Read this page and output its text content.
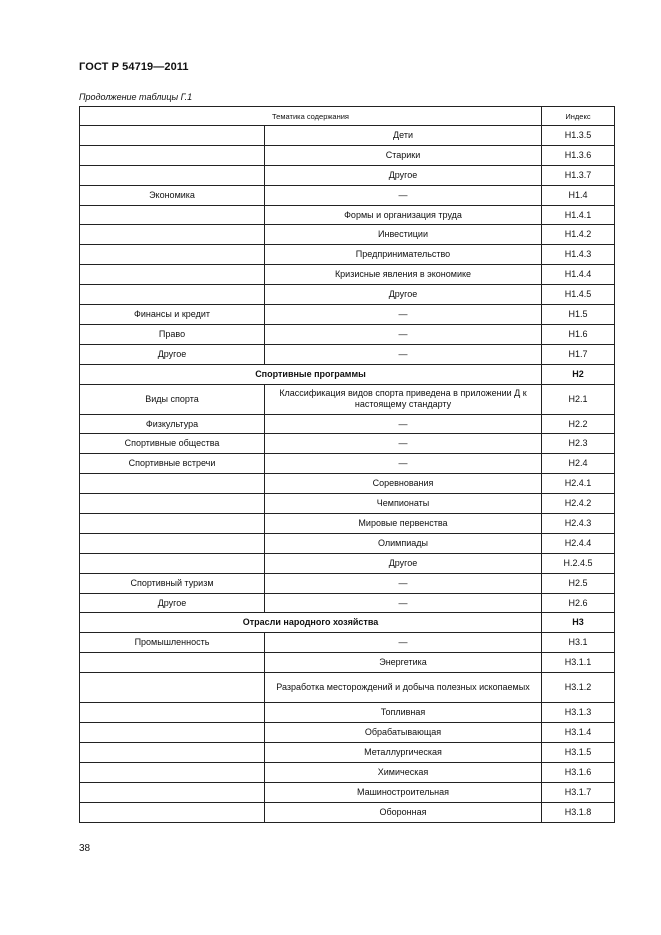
ГОСТ Р 54719—2011
Продолжение таблицы Г.1
Тематика содержания		Индекс
	Дети	Н1.3.5
	Старики	Н1.3.6
	Другое	Н1.3.7
Экономика	—	Н1.4
	Формы и организация труда	Н1.4.1
	Инвестиции	Н1.4.2
	Предпринимательство	Н1.4.3
	Кризисные явления в экономике	Н1.4.4
	Другое	Н1.4.5
Финансы и кредит	—	Н1.5
Право	—	Н1.6
Другое	—	Н1.7
Спортивные программы		Н2
Виды спорта	Классификация видов спорта приведена в приложении Д к настоящему стандарту	Н2.1
Физкультура	—	Н2.2
Спортивные общества	—	Н2.3
Спортивные встречи	—	Н2.4
	Соревнования	Н2.4.1
	Чемпионаты	Н2.4.2
	Мировые первенства	Н2.4.3
	Олимпиады	Н2.4.4
	Другое	Н.2.4.5
Спортивный туризм	—	Н2.5
Другое	—	Н2.6
Отрасли народного хозяйства		Н3
Промышленность	—	Н3.1
	Энергетика	Н3.1.1
	Разработка месторождений и добыча полезных ископаемых	Н3.1.2
	Топливная	Н3.1.3
	Обрабатывающая	Н3.1.4
	Металлургическая	Н3.1.5
	Химическая	Н3.1.6
	Машиностроительная	Н3.1.7
	Оборонная	Н3.1.8
38
